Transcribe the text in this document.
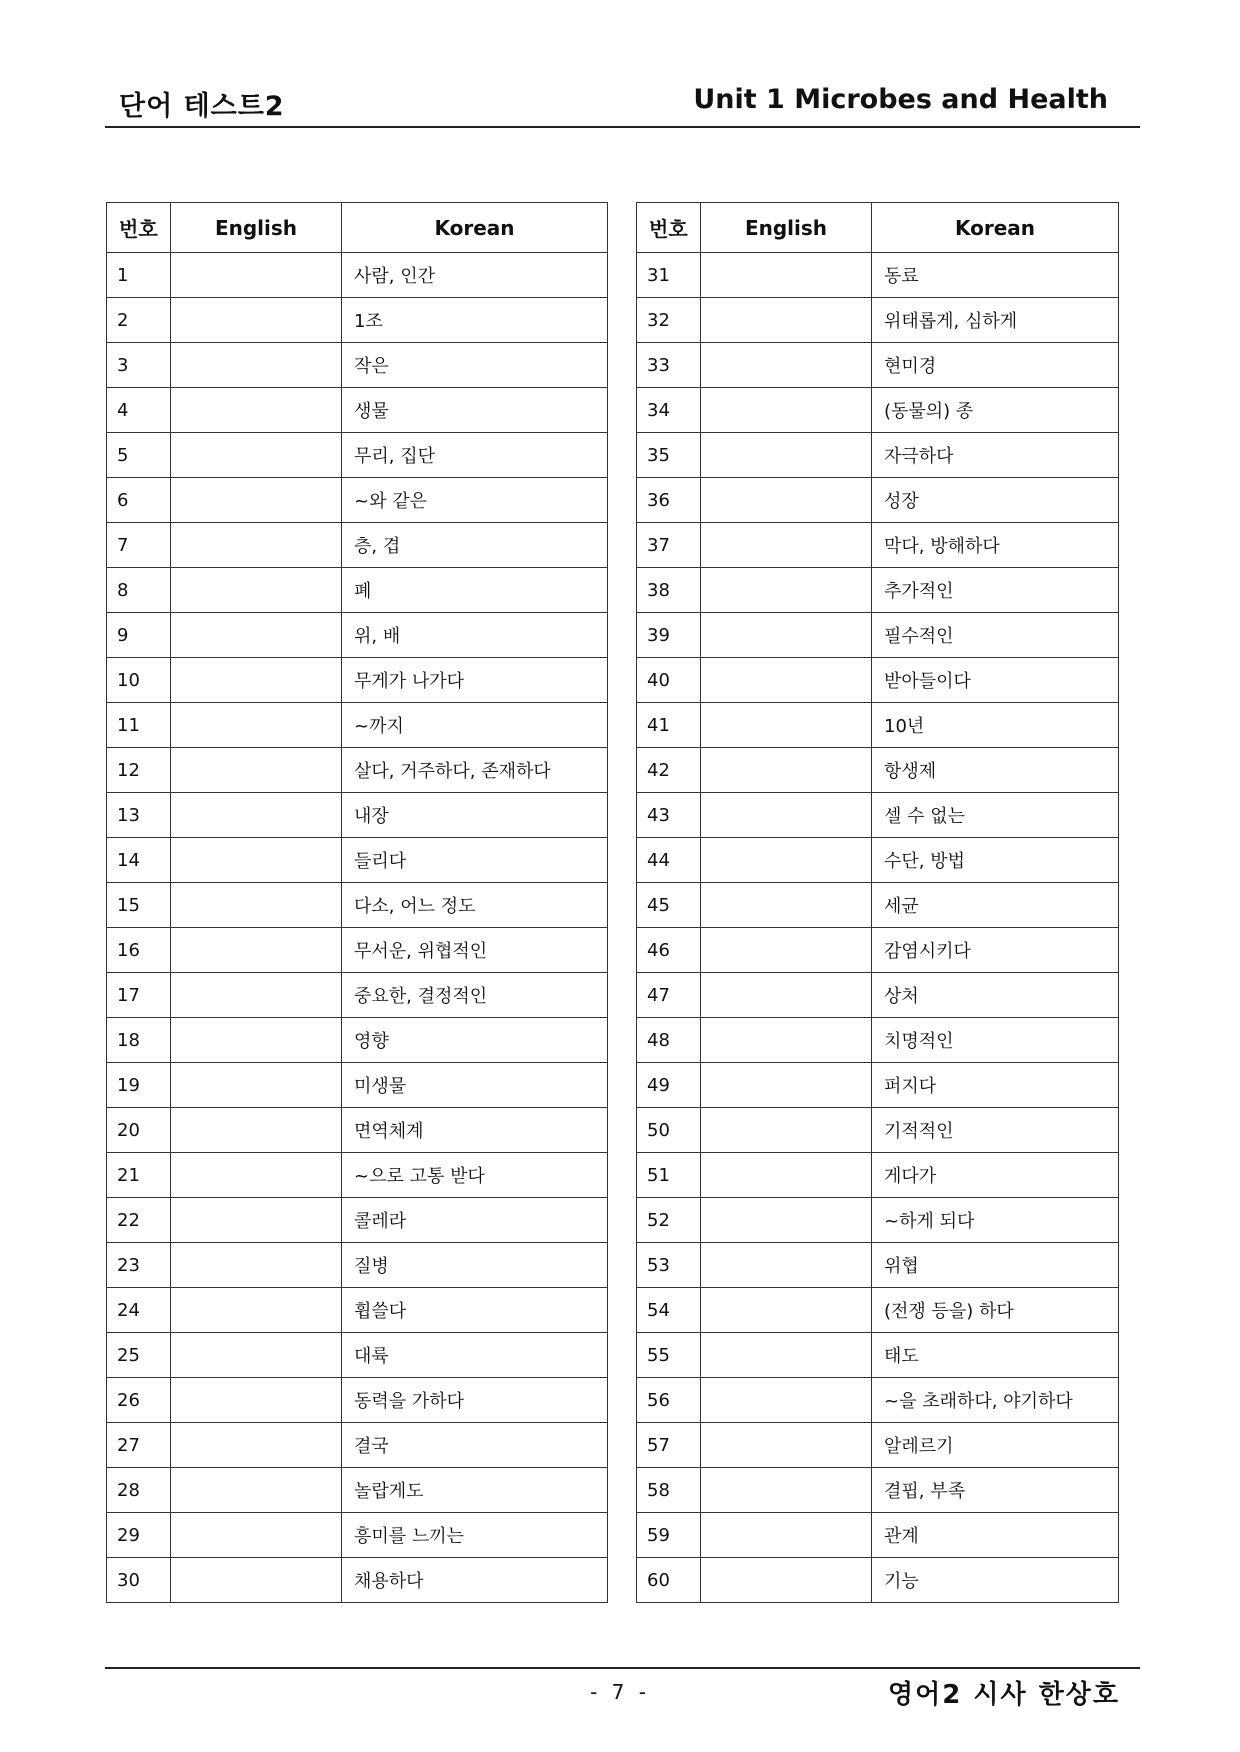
단어 테스트2	Unit 1 Microbes and Health
번호	English	Korean
1		사람, 인간
2		1조
3		작은
4		생물
5		무리, 집단
6		~와 같은
7		층, 겹
8		폐
9		위, 배
10		무게가 나가다
11		~까지
12		살다, 거주하다, 존재하다
13		내장
14		들리다
15		다소, 어느 정도
16		무서운, 위협적인
17		중요한, 결정적인
18		영향
19		미생물
20		면역체계
21		~으로 고통 받다
22		콜레라
23		질병
24		휩쓸다
25		대륙
26		동력을 가하다
27		결국
28		놀랍게도
29		흥미를 느끼는
30		채용하다
번호	English	Korean
31		동료
32		위태롭게, 심하게
33		현미경
34		(동물의) 종
35		자극하다
36		성장
37		막다, 방해하다
38		추가적인
39		필수적인
40		받아들이다
41		10년
42		항생제
43		셀 수 없는
44		수단, 방법
45		세균
46		감염시키다
47		상처
48		치명적인
49		퍼지다
50		기적적인
51		게다가
52		~하게 되다
53		위협
54		(전쟁 등을) 하다
55		태도
56		~을 초래하다, 야기하다
57		알레르기
58		결핍, 부족
59		관계
60		기능
- 7 -	영어2 시사 한상호
